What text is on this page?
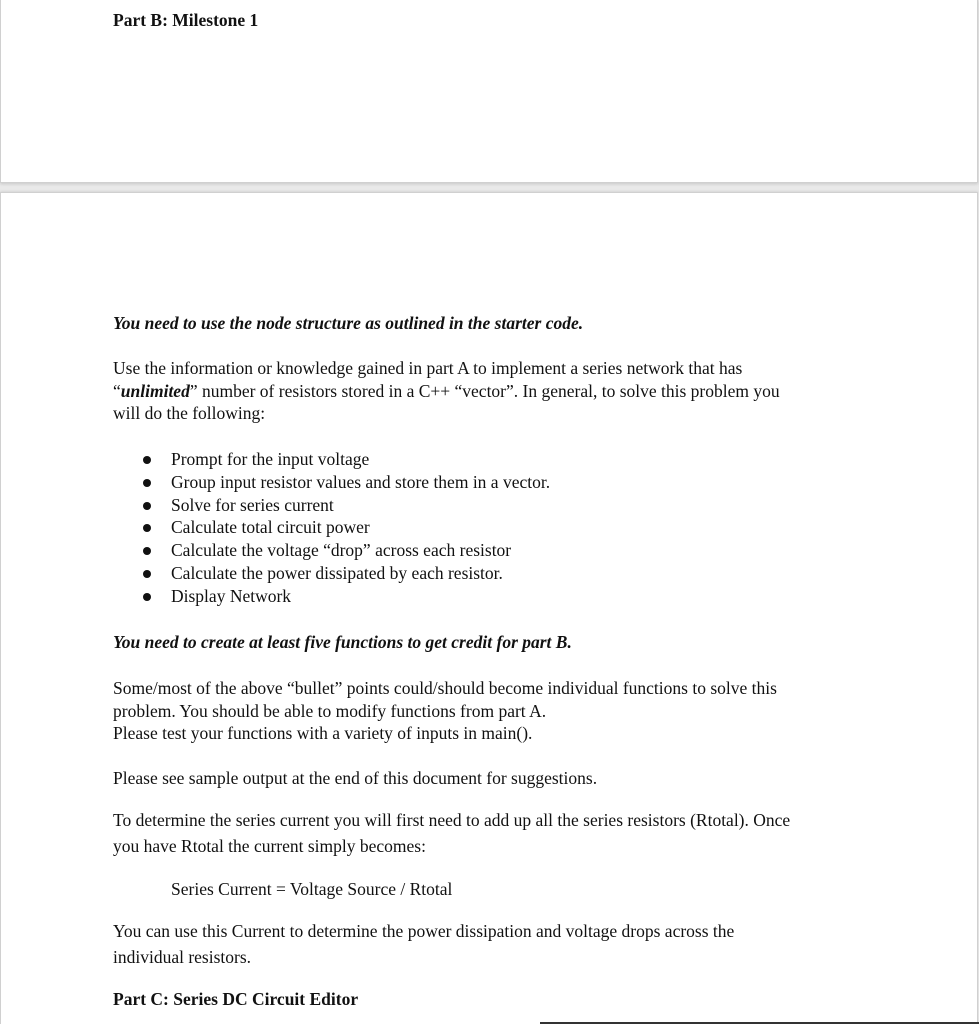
Part B: Milestone 1
You need to use the node structure as outlined in the starter code.
Use the information or knowledge gained in part A to implement a series network that has
“unlimited” number of resistors stored in a C++ “vector”. In general, to solve this problem you
will do the following:
Prompt for the input voltage
Group input resistor values and store them in a vector.
Solve for series current
Calculate total circuit power
Calculate the voltage “drop” across each resistor
Calculate the power dissipated by each resistor.
Display Network
You need to create at least five functions to get credit for part B.
Some/most of the above “bullet” points could/should become individual functions to solve this
problem. You should be able to modify functions from part A.
Please test your functions with a variety of inputs in main().
Please see sample output at the end of this document for suggestions.
To determine the series current you will first need to add up all the series resistors (Rtotal). Once
you have Rtotal the current simply becomes:
Series Current = Voltage Source / Rtotal
You can use this Current to determine the power dissipation and voltage drops across the
individual resistors.
Part C: Series DC Circuit Editor
